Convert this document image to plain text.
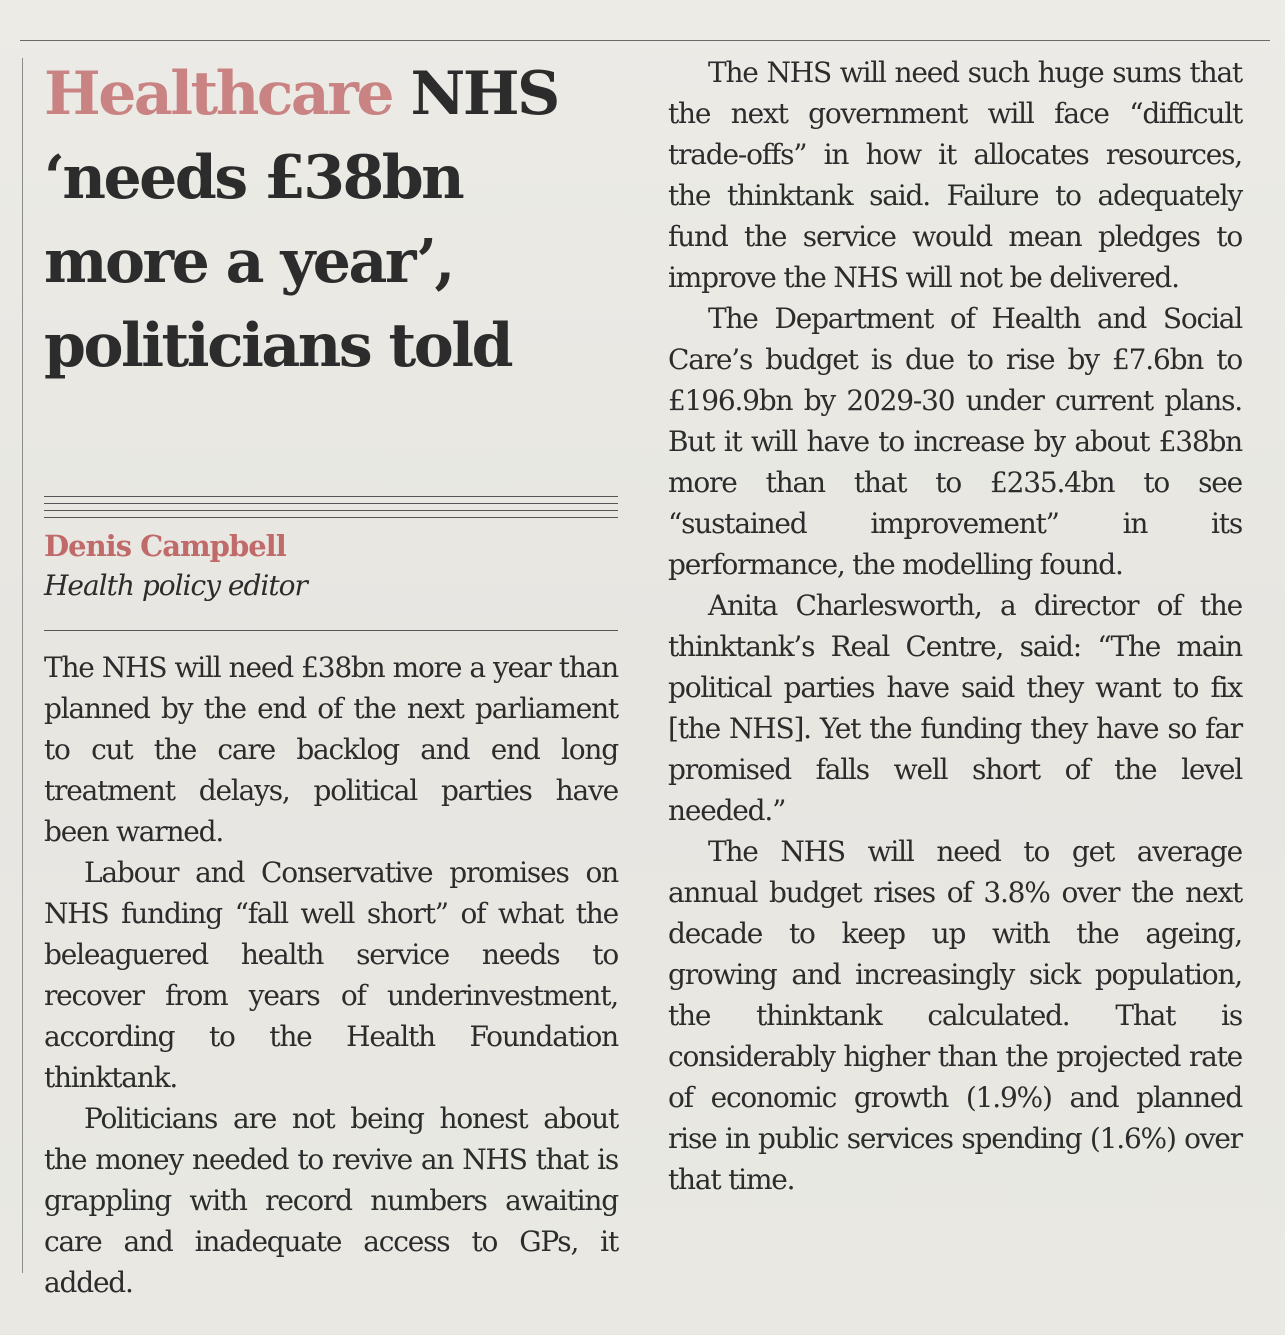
Healthcare NHS ‘needs £38bn more a year’, politicians told
Denis Campbell
Health policy editor

The NHS will need £38bn more a year than planned by the end of the next parliament to cut the care backlog and end long treatment delays, political parties have been warned.

Labour and Conservative promises on NHS funding “fall well short” of what the beleaguered health service needs to recover from years of underinvestment, according to the Health Foundation thinktank.

Politicians are not being honest about the money needed to revive an NHS that is grappling with record numbers awaiting care and inadequate access to GPs, it added.

The NHS will need such huge sums that the next government will face “difficult trade-offs” in how it allocates resources, the thinktank said. Failure to adequately fund the service would mean pledges to improve the NHS will not be delivered.

The Department of Health and Social Care’s budget is due to rise by £7.6bn to £196.9bn by 2029-30 under current plans. But it will have to increase by about £38bn more than that to £235.4bn to see “sustained improvement” in its performance, the modelling found.

Anita Charlesworth, a director of the thinktank’s Real Centre, said: “The main political parties have said they want to fix [the NHS]. Yet the funding they have so far promised falls well short of the level needed.”

The NHS will need to get average annual budget rises of 3.8% over the next decade to keep up with the ageing, growing and increasingly sick population, the thinktank calculated. That is considerably higher than the projected rate of economic growth (1.9%) and planned rise in public services spending (1.6%) over that time.
